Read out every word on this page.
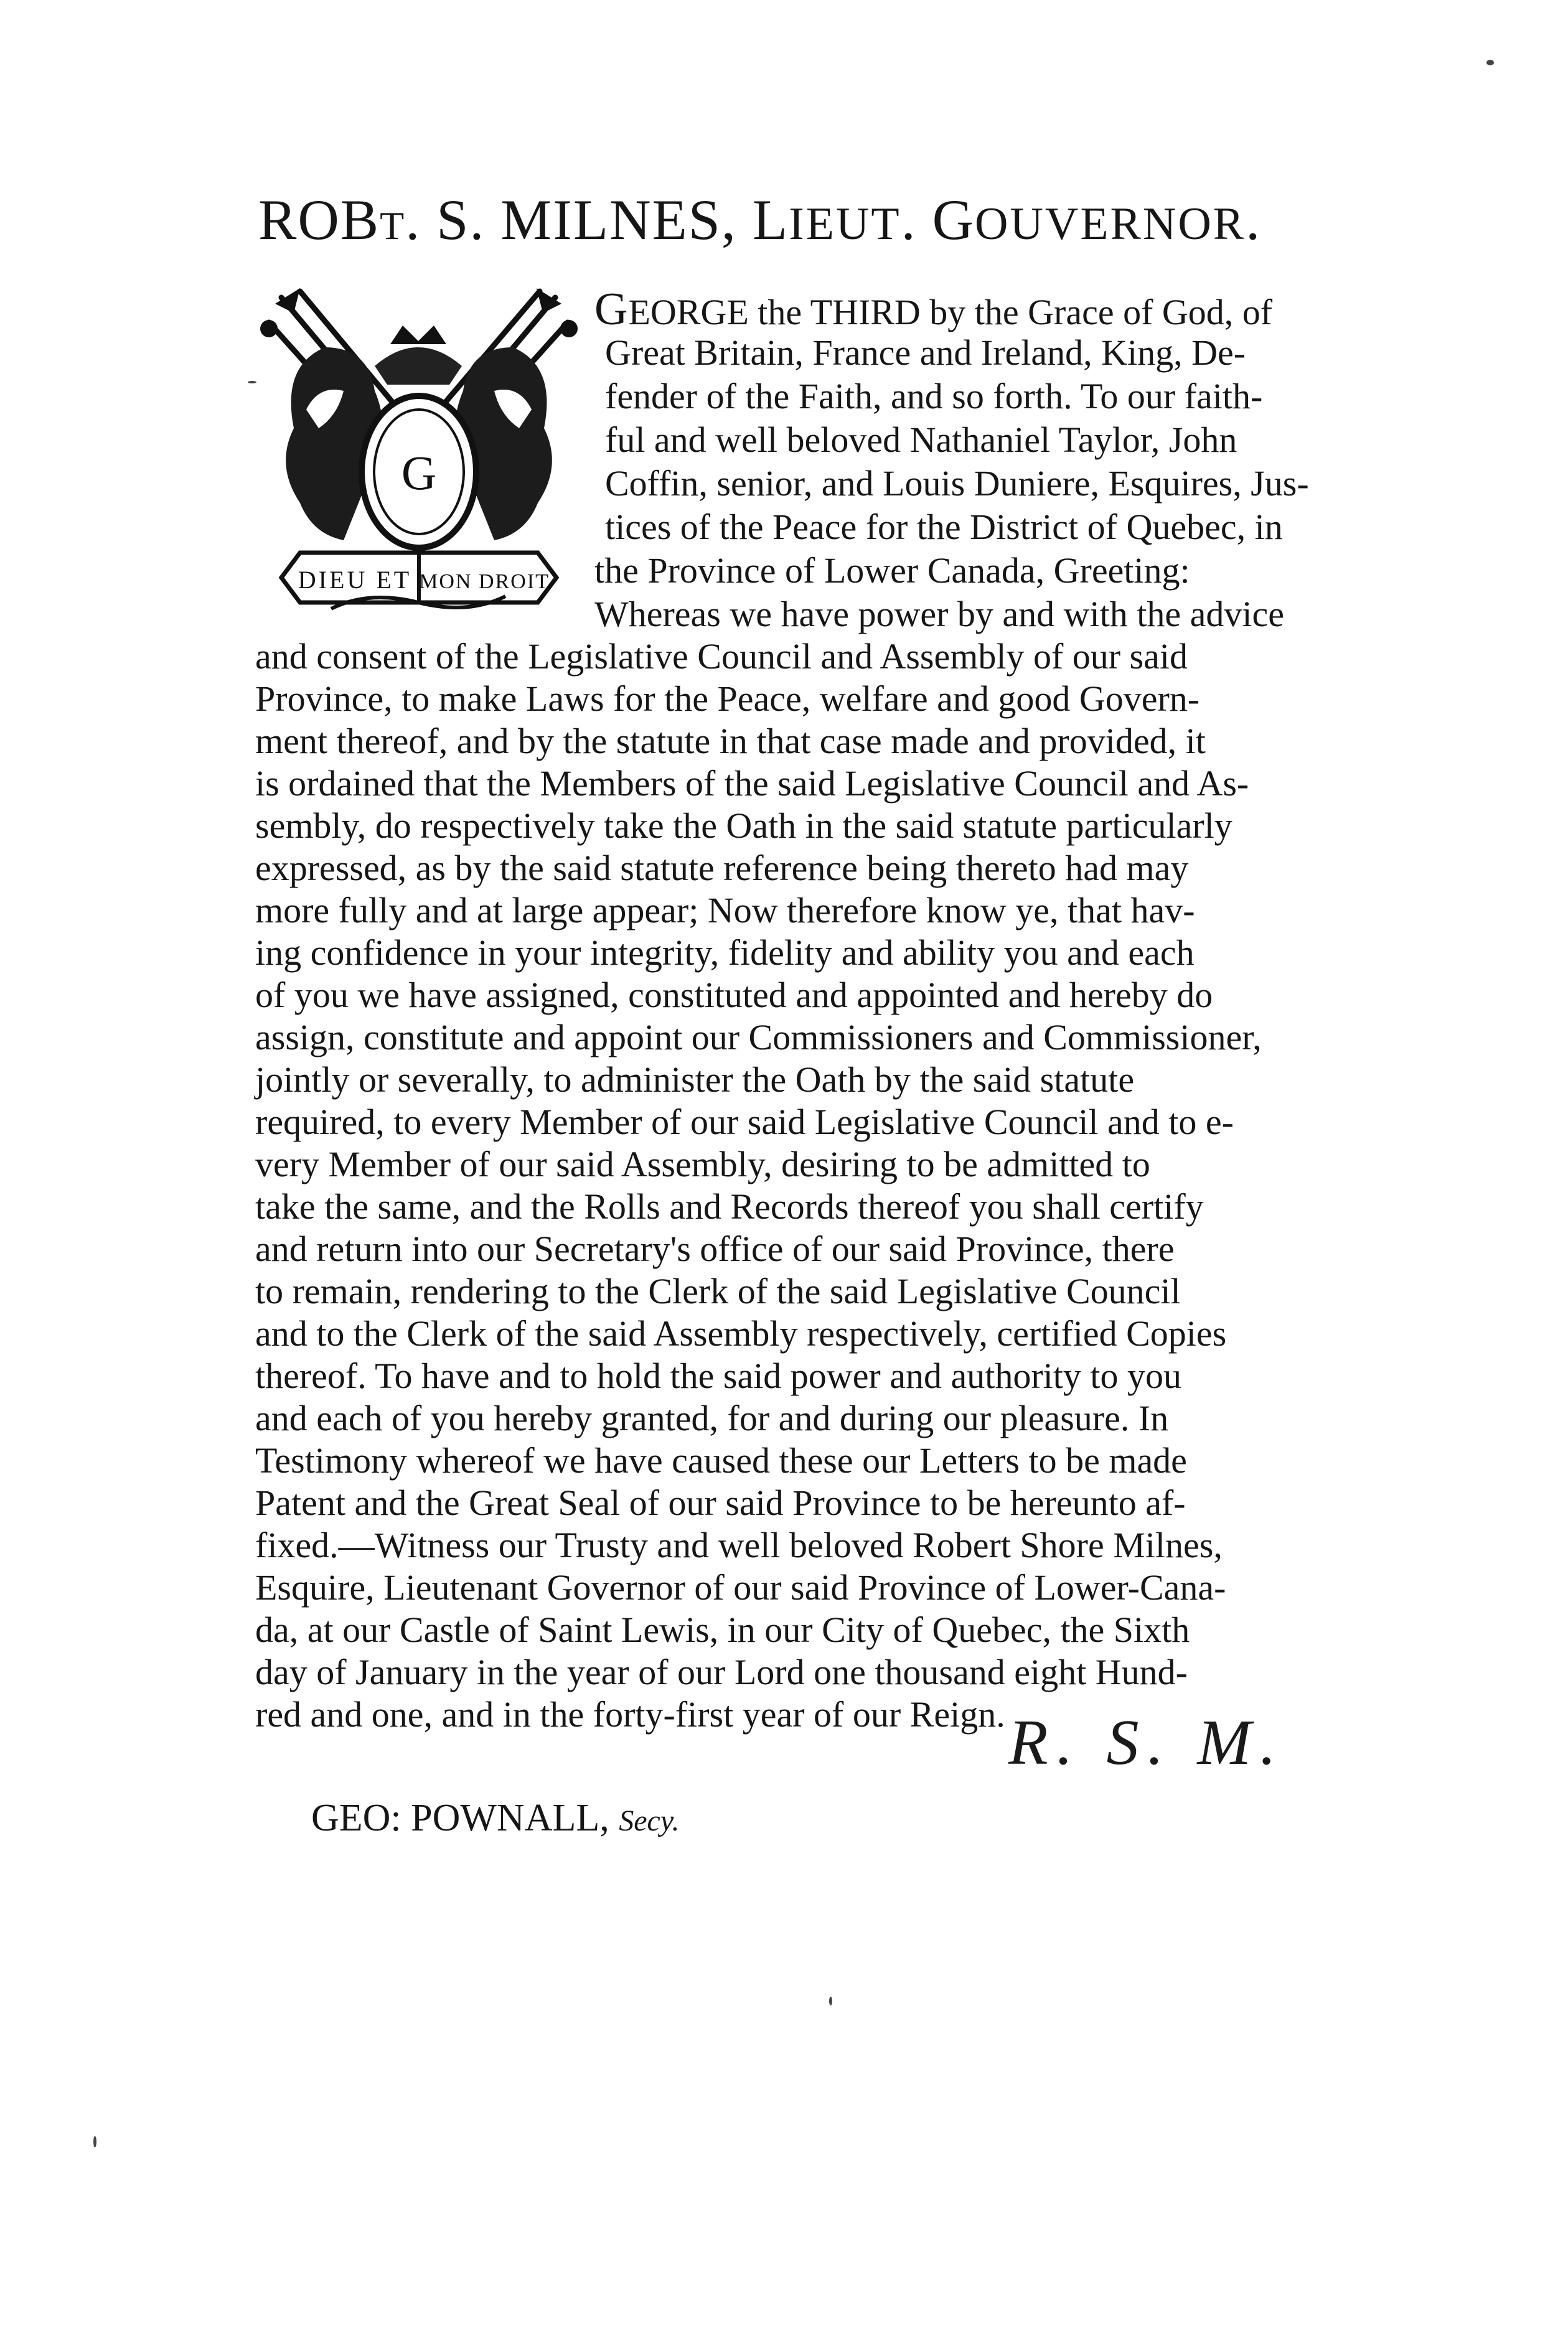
ROBT. S. MILNES, LIEUT. GOUVERNOR.
G
DIEU ET MON DROIT
GEORGE the THIRD by the Grace of God, of
Great Britain, France and Ireland, King, De-
fender of the Faith, and so forth. To our faith-
ful and well beloved Nathaniel Taylor, John
Coffin, senior, and Louis Duniere, Esquires, Jus-
tices of the Peace for the District of Quebec, in
the Province of Lower Canada, Greeting:
Whereas we have power by and with the advice
and consent of the Legislative Council and Assembly of our said
Province, to make Laws for the Peace, welfare and good Govern-
ment thereof, and by the statute in that case made and provided, it
is ordained that the Members of the said Legislative Council and As-
sembly, do respectively take the Oath in the said statute particularly
expressed, as by the said statute reference being thereto had may
more fully and at large appear; Now therefore know ye, that hav-
ing confidence in your integrity, fidelity and ability you and each
of you we have assigned, constituted and appointed and hereby do
assign, constitute and appoint our Commissioners and Commissioner,
jointly or severally, to administer the Oath by the said statute
required, to every Member of our said Legislative Council and to e-
very Member of our said Assembly, desiring to be admitted to
take the same, and the Rolls and Records thereof you shall certify
and return into our Secretary's office of our said Province, there
to remain, rendering to the Clerk of the said Legislative Council
and to the Clerk of the said Assembly respectively, certified Copies
thereof. To have and to hold the said power and authority to you
and each of you hereby granted, for and during our pleasure. In
Testimony whereof we have caused these our Letters to be made
Patent and the Great Seal of our said Province to be hereunto af-
fixed.—Witness our Trusty and well beloved Robert Shore Milnes,
Esquire, Lieutenant Governor of our said Province of Lower-Cana-
da, at our Castle of Saint Lewis, in our City of Quebec, the Sixth
day of January in the year of our Lord one thousand eight Hund-
red and one, and in the forty-first year of our Reign. R. S. M.
GEO: POWNALL, Secy.
